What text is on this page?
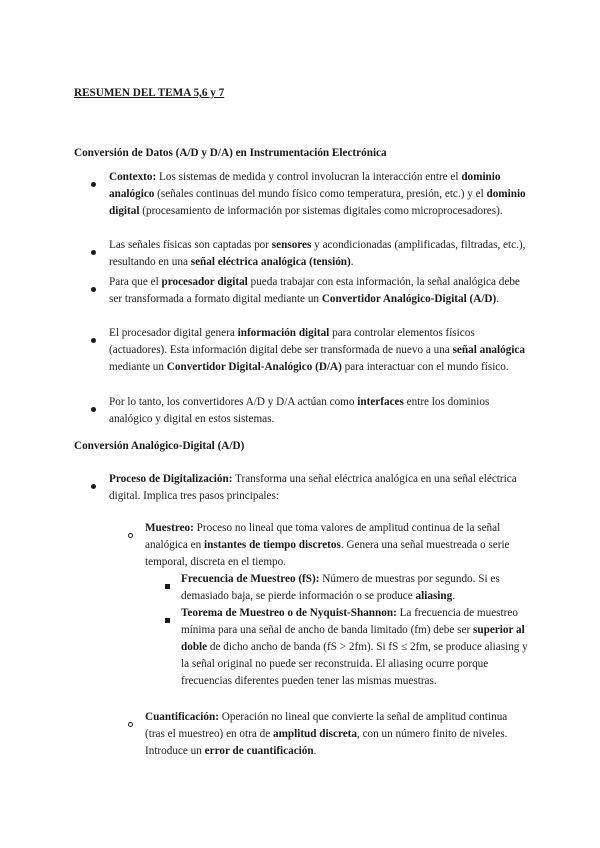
RESUMEN DEL TEMA 5,6 y 7
Conversión de Datos (A/D y D/A) en Instrumentación Electrónica
Contexto: Los sistemas de medida y control involucran la interacción entre el dominio analógico (señales continuas del mundo físico como temperatura, presión, etc.) y el dominio digital (procesamiento de información por sistemas digitales como microprocesadores).
Las señales físicas son captadas por sensores y acondicionadas (amplificadas, filtradas, etc.), resultando en una señal eléctrica analógica (tensión).
Para que el procesador digital pueda trabajar con esta información, la señal analógica debe ser transformada a formato digital mediante un Convertidor Analógico-Digital (A/D).
El procesador digital genera información digital para controlar elementos físicos (actuadores). Esta información digital debe ser transformada de nuevo a una señal analógica mediante un Convertidor Digital-Analógico (D/A) para interactuar con el mundo físico.
Por lo tanto, los convertidores A/D y D/A actúan como interfaces entre los dominios analógico y digital en estos sistemas.
Conversión Analógico-Digital (A/D)
Proceso de Digitalización: Transforma una señal eléctrica analógica en una señal eléctrica digital. Implica tres pasos principales:
Muestreo: Proceso no lineal que toma valores de amplitud continua de la señal analógica en instantes de tiempo discretos. Genera una señal muestreada o serie temporal, discreta en el tiempo.
Frecuencia de Muestreo (fS): Número de muestras por segundo. Si es demasiado baja, se pierde información o se produce aliasing.
Teorema de Muestreo o de Nyquist-Shannon: La frecuencia de muestreo mínima para una señal de ancho de banda limitado (fm) debe ser superior al doble de dicho ancho de banda (fS > 2fm). Si fS ≤ 2fm, se produce aliasing y la señal original no puede ser reconstruida. El aliasing ocurre porque frecuencias diferentes pueden tener las mismas muestras.
Cuantificación: Operación no lineal que convierte la señal de amplitud continua (tras el muestreo) en otra de amplitud discreta, con un número finito de niveles. Introduce un error de cuantificación.
